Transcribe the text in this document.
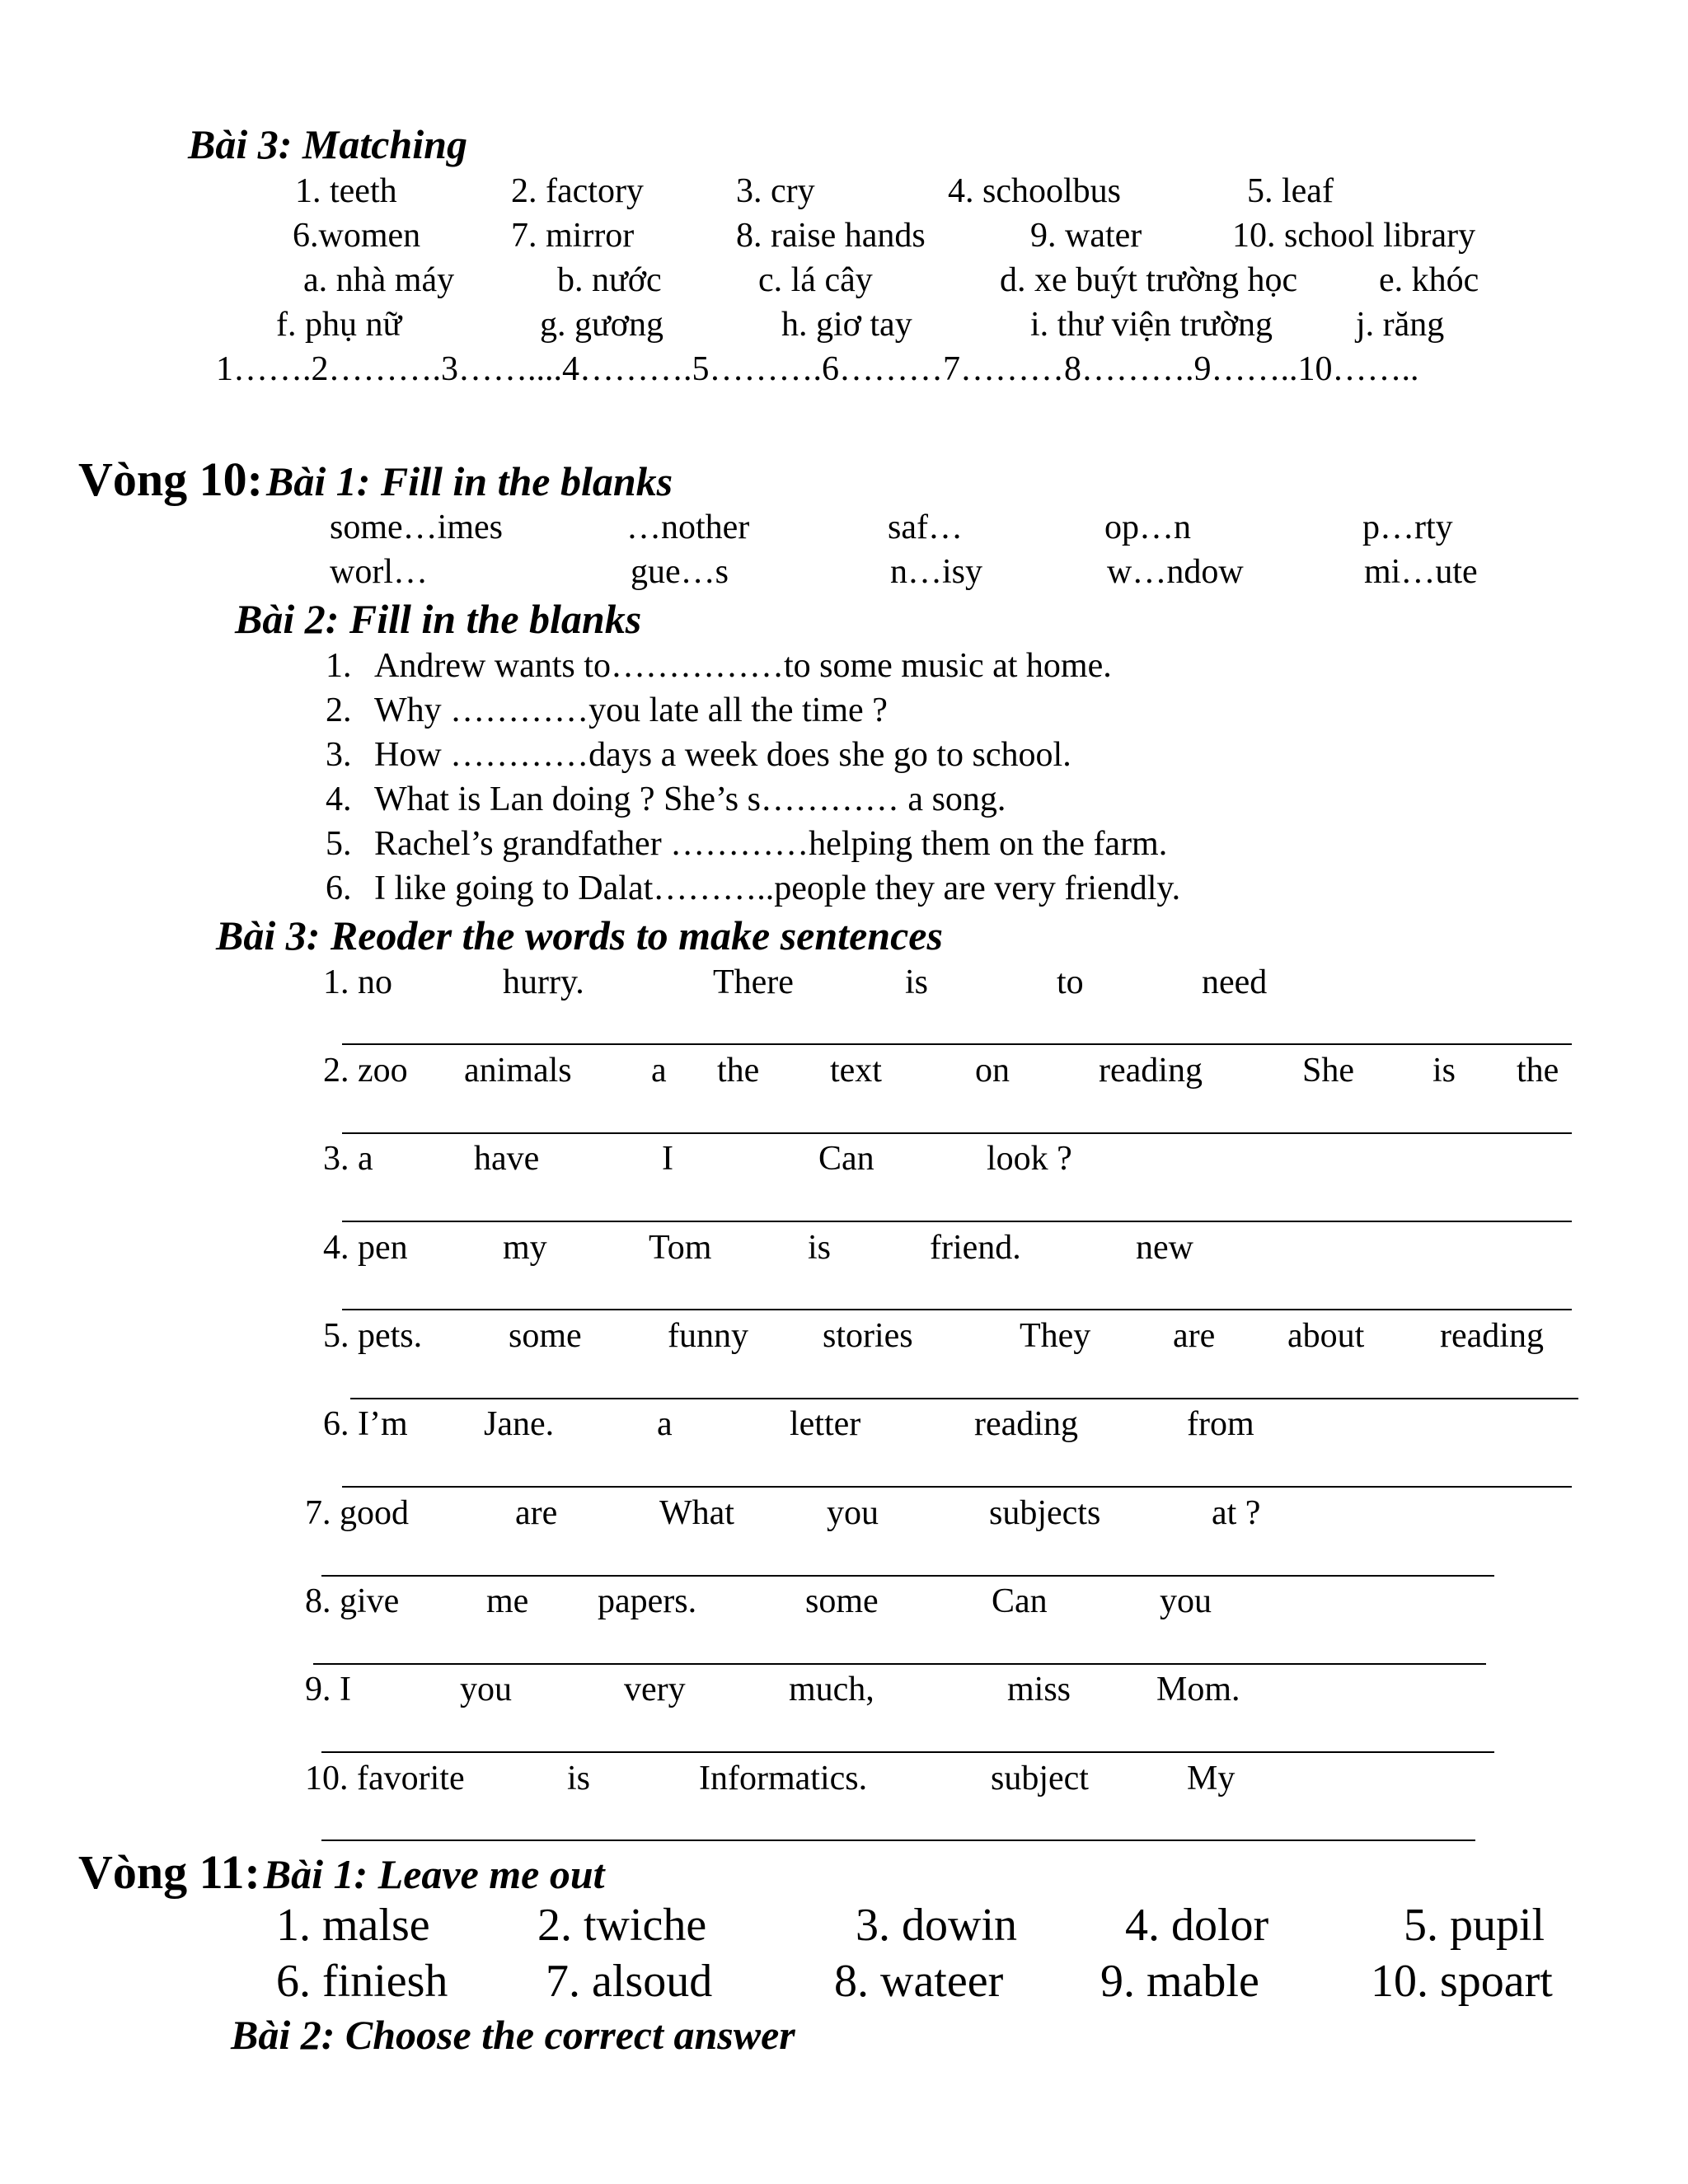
Bài 3: Matching
1. teeth	2. factory	3. cry	4. schoolbus	5. leaf
6.women	7. mirror	8. raise hands	9. water	10. school library
a. nhà máy	b. nước	c. lá cây	d. xe buýt trường học e. khóc
f. phụ nữ	g. gương	h. giơ tay	i. thư viện trường j. răng
1…….2……….3……....4……….5……….6………7………8……….9……..10……..
Vòng 10: Bài 1: Fill in the blanks
some…imes	…nother	saf…	op…n	p…rty
worl…	gue…s	n…isy	w…ndow	mi…ute
Bài 2: Fill in the blanks
1. Andrew wants to……………to some music at home.
2. Why …………you late all the time ?
3. How …………days a week does she go to school.
4. What is Lan doing ? She’s s………… a song.
5. Rachel’s grandfather …………helping them on the farm.
6. I like going to Dalat………..people they are very friendly.
Bài 3: Reoder the words to make sentences
1. no	hurry.	There	is	to	need
2. zoo animals a the text	on	reading	She is the
3. a	have	I	Can	look ?
4. pen	my	Tom	is	friend.	new
5. pets. some funny stories	They are about reading
6. I’m Jane.	a	letter	reading	from
7. good	are	What	you	subjects	at ?
8. give	me papers.	some	Can	you
9. I	you	very	much,	miss Mom.
10. favorite	is	Informatics.	subject	My
Vòng 11: Bài 1: Leave me out
1. malse 2. twiche	3. dowin 4. dolor	5. pupil
6. finiesh 7. alsoud	8. wateer 9. mable 10. spoart
Bài 2: Choose the correct answer
